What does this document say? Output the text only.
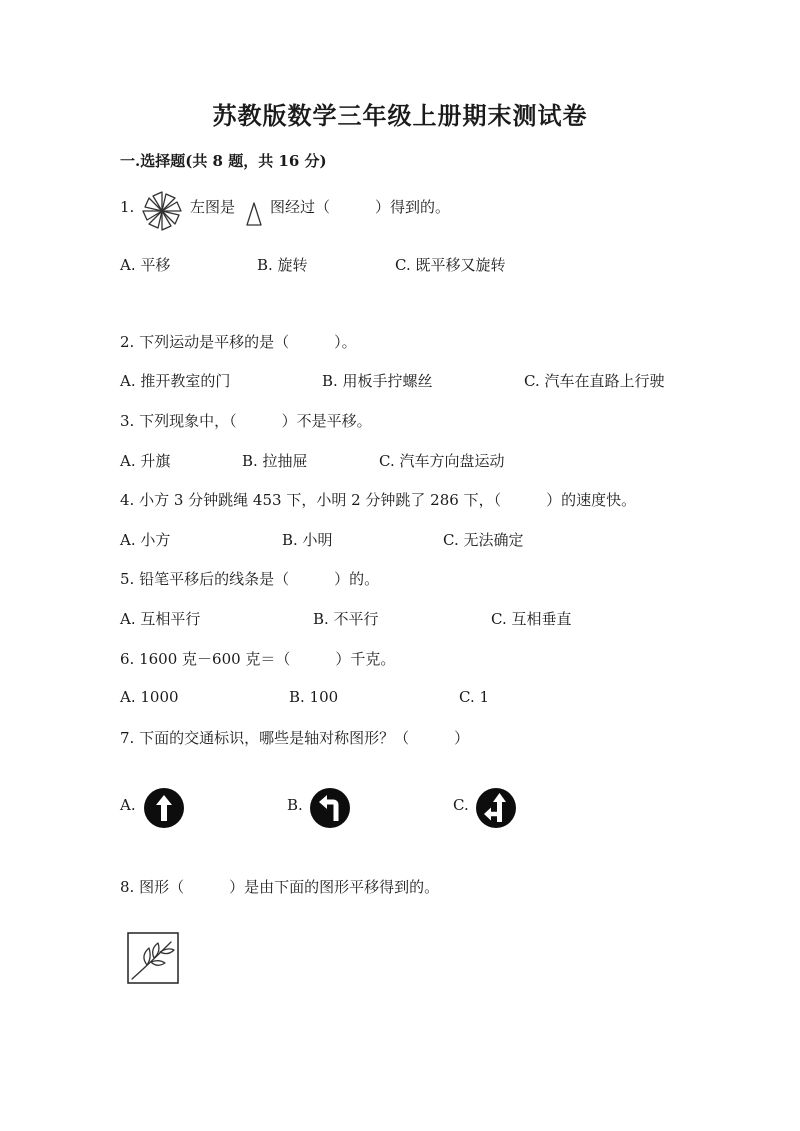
苏教版数学三年级上册期末测试卷
一.选择题(共 8 题，共 16 分)
1.	左图是 图经过（　　　）得到的。
A. 平移	B. 旋转	C. 既平移又旋转
2. 下列运动是平移的是（　　　）。
A. 推开教室的门	B. 用板手拧螺丝	C. 汽车在直路上行驶
3. 下列现象中，（　　　）不是平移。
A. 升旗	B. 拉抽屉	C. 汽车方向盘运动
4. 小方 3 分钟跳绳 453 下，小明 2 分钟跳了 286 下，（　　　）的速度快。
A. 小方	B. 小明	C. 无法确定
5. 铅笔平移后的线条是（　　　）的。
A. 互相平行	B. 不平行	C. 互相垂直
6. 1600 克－600 克＝（　　　）千克。
A. 1000	B. 100	C. 1
7. 下面的交通标识，哪些是轴对称图形？（　　　）
A.	B.	C.
8. 图形（　　　）是由下面的图形平移得到的。
